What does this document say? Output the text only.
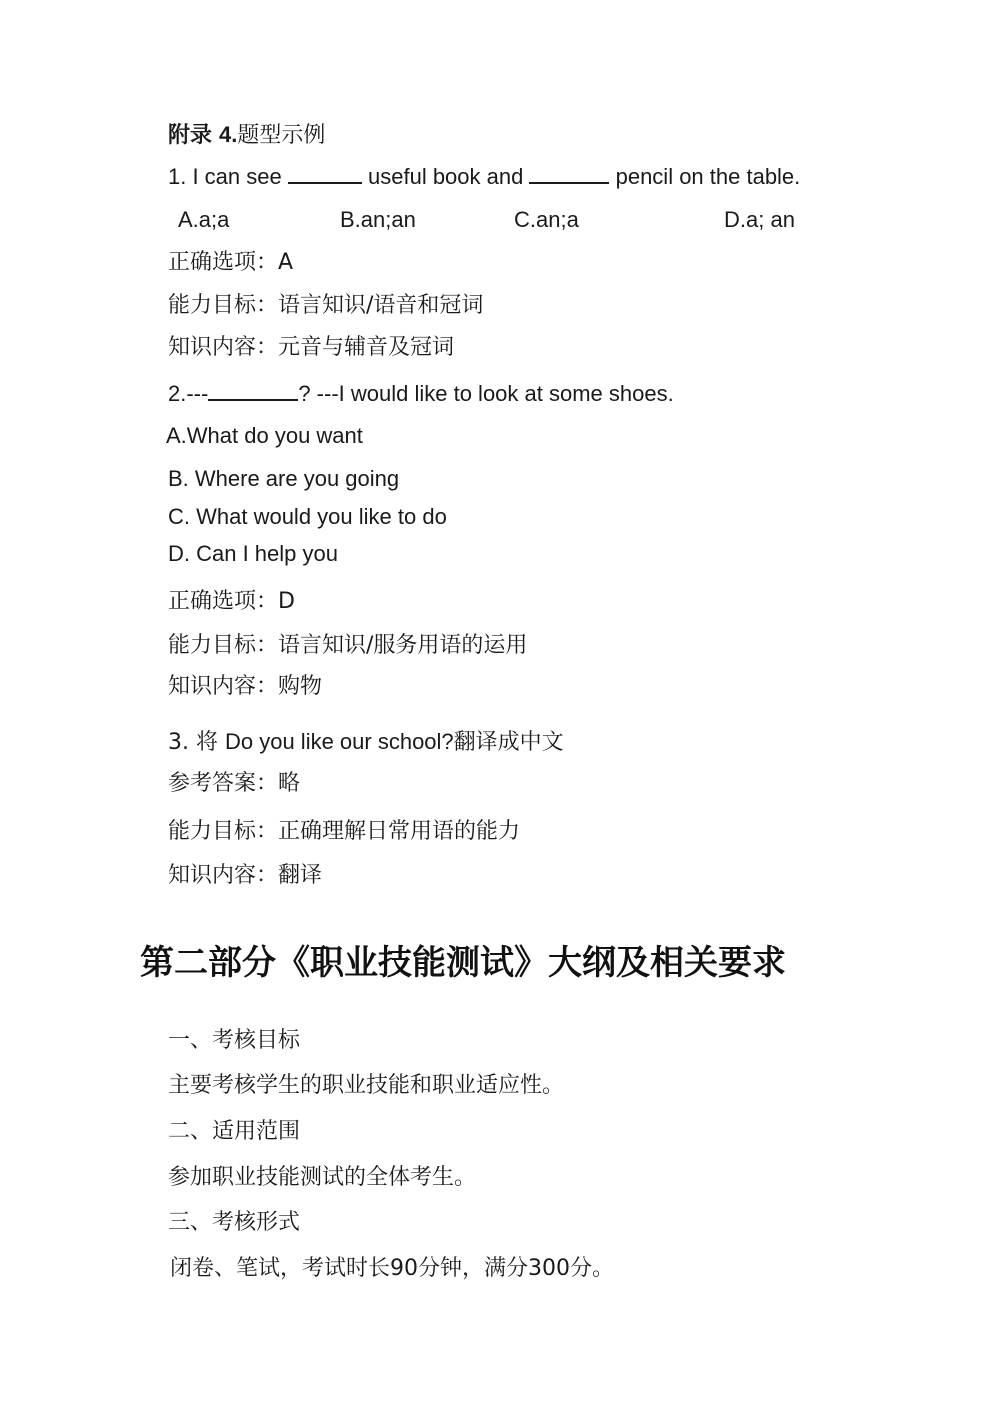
附录 4.题型示例
1. I can see	useful book and	pencil on the table.
A.a;a	B.an;an	C.an;a	D.a; an
正确选项：A
能力目标：语言知识/语音和冠词
知识内容：元音与辅音及冠词
2.---	? ---I would like to look at some shoes.
A.What do you want
B. Where are you going
C. What would you like to do
D. Can I help you
正确选项：D
能力目标：语言知识/服务用语的运用
知识内容：购物
3. 将 Do you like our school?翻译成中文
参考答案：略
能力目标：正确理解日常用语的能力
知识内容：翻译
第二部分《职业技能测试》大纲及相关要求
一、考核目标
主要考核学生的职业技能和职业适应性。
二、适用范围
参加职业技能测试的全体考生。
三、考核形式
闭卷、笔试，考试时长90分钟，满分300分。
